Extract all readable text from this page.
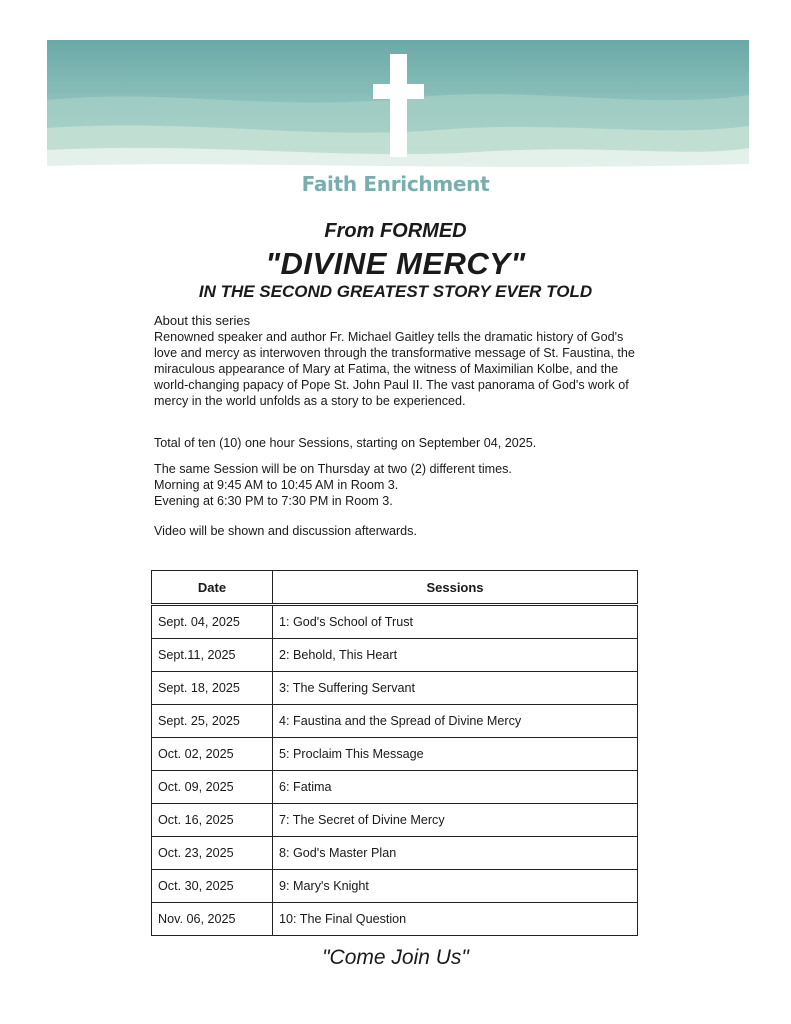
Faith Enrichment
From FORMED
"DIVINE MERCY"
IN THE SECOND GREATEST STORY EVER TOLD
About this series
Renowned speaker and author Fr. Michael Gaitley tells the dramatic history of God's love and mercy as interwoven through the transformative message of St. Faustina, the miraculous appearance of Mary at Fatima, the witness of Maximilian Kolbe, and the world-changing papacy of Pope St. John Paul II. The vast panorama of God's work of mercy in the world unfolds as a story to be experienced.
Total of ten (10) one hour Sessions, starting on September 04, 2025.
The same Session will be on Thursday at two (2) different times.
Morning at 9:45 AM to 10:45 AM in Room 3.
Evening at 6:30 PM to 7:30 PM in Room 3.
Video will be shown and discussion afterwards.
Date	Sessions
Sept. 04, 2025	1: God's School of Trust
Sept.11, 2025	2: Behold, This Heart
Sept. 18, 2025	3: The Suffering Servant
Sept. 25, 2025	4: Faustina and the Spread of Divine Mercy
Oct. 02, 2025	5: Proclaim This Message
Oct. 09, 2025	6: Fatima
Oct. 16, 2025	7: The Secret of Divine Mercy
Oct. 23, 2025	8: God's Master Plan
Oct. 30, 2025	9: Mary's Knight
Nov. 06, 2025	10: The Final Question
"Come Join Us"
